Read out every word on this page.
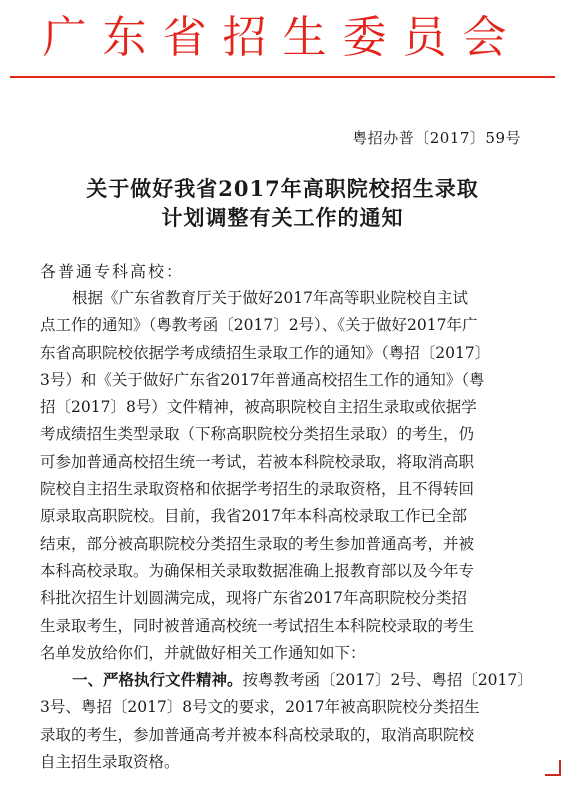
广东省招生委员会
粤招办普〔2017〕59号
关于做好我省2017年高职院校招生录取
计划调整有关工作的通知
各普通专科高校：
根据《广东省教育厅关于做好2017年高等职业院校自主试
点工作的通知》（粤教考函〔2017〕2号）、《关于做好2017年广
东省高职院校依据学考成绩招生录取工作的通知》（粤招〔2017〕
3号）和《关于做好广东省2017年普通高校招生工作的通知》（粤
招〔2017〕8号）文件精神，被高职院校自主招生录取或依据学
考成绩招生类型录取（下称高职院校分类招生录取）的考生，仍
可参加普通高校招生统一考试，若被本科院校录取，将取消高职
院校自主招生录取资格和依据学考招生的录取资格，且不得转回
原录取高职院校。目前，我省2017年本科高校录取工作已全部
结束，部分被高职院校分类招生录取的考生参加普通高考，并被
本科高校录取。为确保相关录取数据准确上报教育部以及今年专
科批次招生计划圆满完成，现将广东省2017年高职院校分类招
生录取考生，同时被普通高校统一考试招生本科院校录取的考生
名单发放给你们，并就做好相关工作通知如下：
一、严格执行文件精神。按粤教考函〔2017〕2号、粤招〔2017〕
3号、粤招〔2017〕8号文的要求，2017年被高职院校分类招生
录取的考生，参加普通高考并被本科高校录取的，取消高职院校
自主招生录取资格。
